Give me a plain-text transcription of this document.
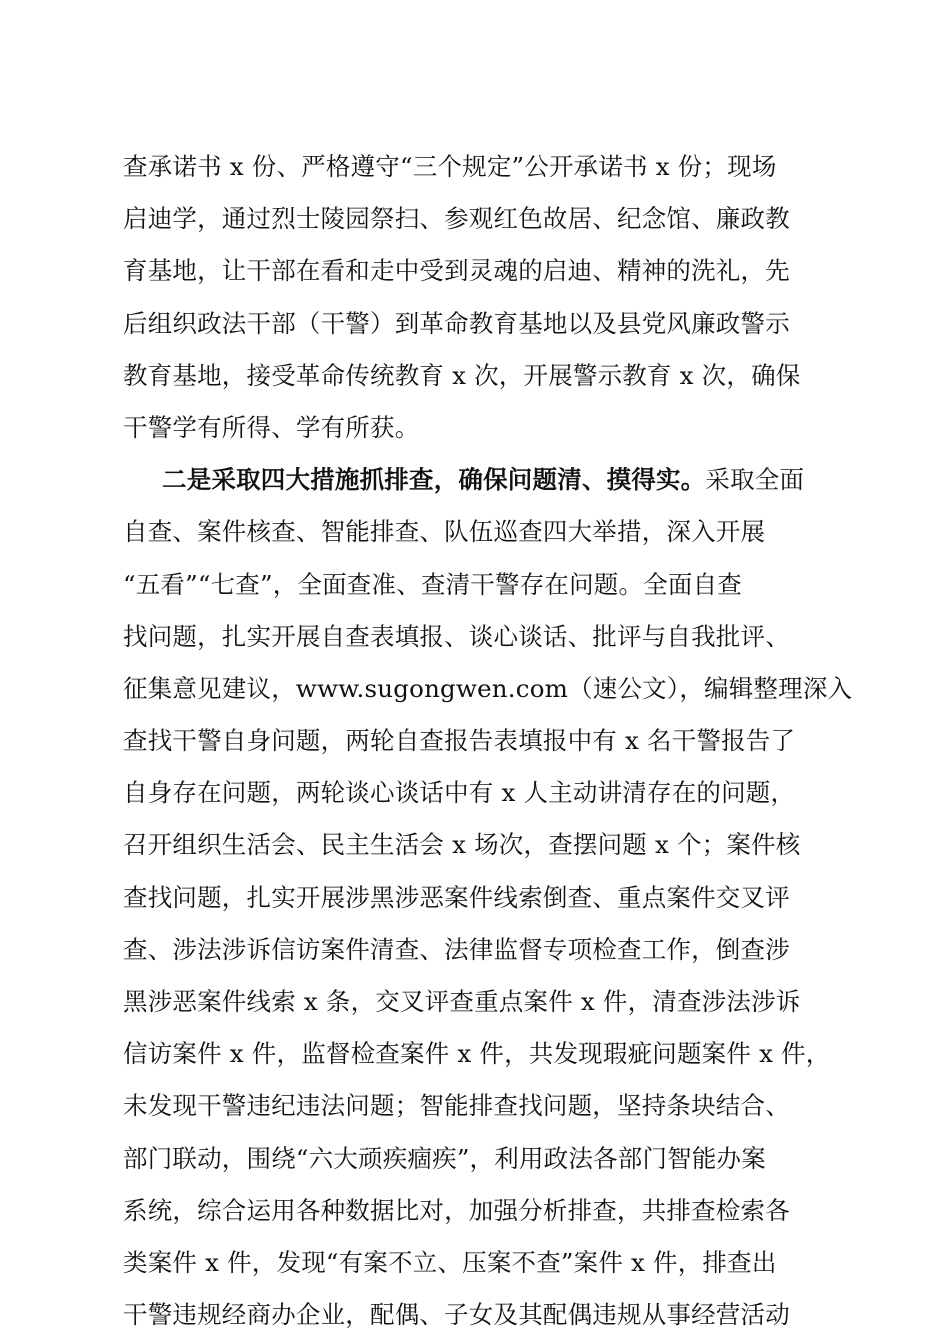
查承诺书 x 份、严格遵守“三个规定”公开承诺书 x 份；现场
启迪学，通过烈士陵园祭扫、参观红色故居、纪念馆、廉政教
育基地，让干部在看和走中受到灵魂的启迪、精神的洗礼，先
后组织政法干部（干警）到革命教育基地以及县党风廉政警示
教育基地，接受革命传统教育 x 次，开展警示教育 x 次，确保
干警学有所得、学有所获。
二是采取四大措施抓排查，确保问题清、摸得实。采取全面
自查、案件核查、智能排查、队伍巡查四大举措，深入开展
“五看”“七查”，全面查准、查清干警存在问题。全面自查
找问题，扎实开展自查表填报、谈心谈话、批评与自我批评、
征集意见建议，www.sugongwen.com（速公文），编辑整理深入
查找干警自身问题，两轮自查报告表填报中有 x 名干警报告了
自身存在问题，两轮谈心谈话中有 x 人主动讲清存在的问题，
召开组织生活会、民主生活会 x 场次，查摆问题 x 个；案件核
查找问题，扎实开展涉黑涉恶案件线索倒查、重点案件交叉评
查、涉法涉诉信访案件清查、法律监督专项检查工作，倒查涉
黑涉恶案件线索 x 条，交叉评查重点案件 x 件，清查涉法涉诉
信访案件 x 件，监督检查案件 x 件，共发现瑕疵问题案件 x 件，
未发现干警违纪违法问题；智能排查找问题，坚持条块结合、
部门联动，围绕“六大顽疾痼疾”，利用政法各部门智能办案
系统，综合运用各种数据比对，加强分析排查，共排查检索各
类案件 x 件，发现“有案不立、压案不查”案件 x 件，排查出
干警违规经商办企业，配偶、子女及其配偶违规从事经营活动
